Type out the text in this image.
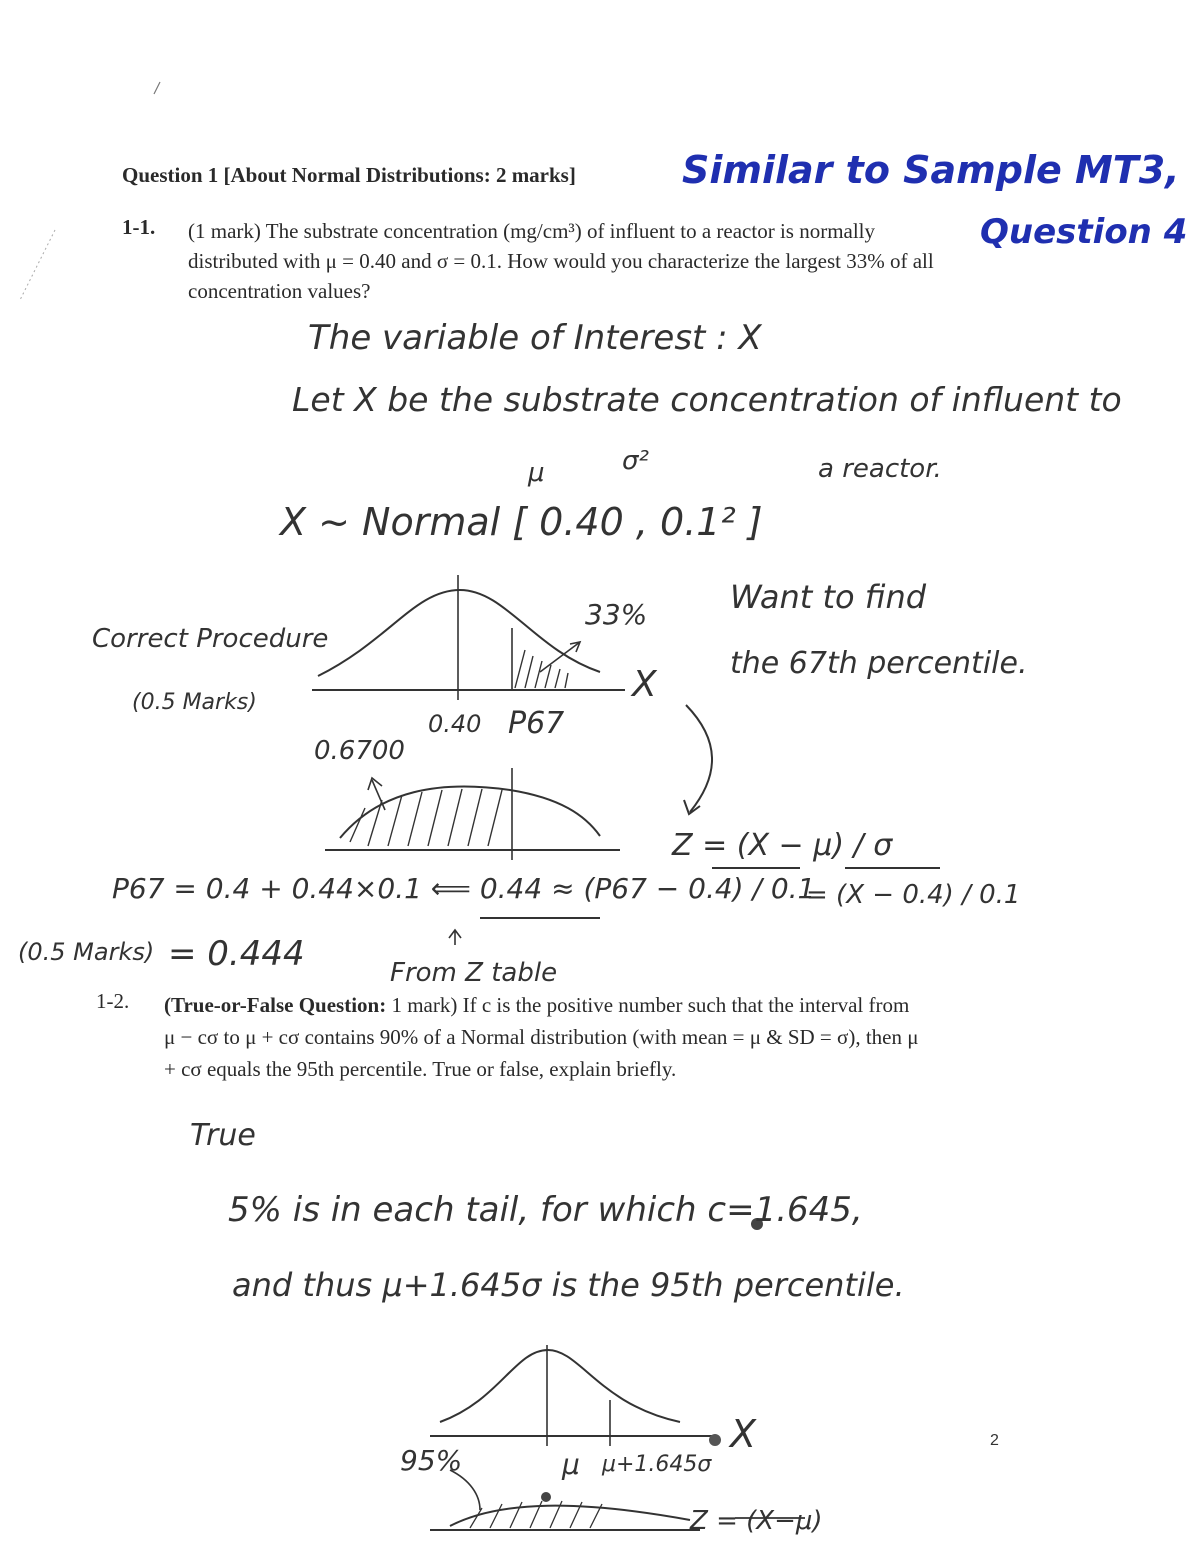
Question 1 [About Normal Distributions: 2 marks]	Similar to Sample MT3,
Question 4
1-1. (1 mark) The substrate concentration (mg/cm³) of influent to a reactor is normally
distributed with μ = 0.40 and σ = 0.1. How would you characterize the largest 33% of all
concentration values?
The variable of Interest : X
Let X be the substrate concentration of influent to
a reactor.
μ	σ²
X ~ Normal [ 0.40 , 0.1² ]
33%
X
Want to find
the 67th percentile.
Correct Procedure
(0.5 Marks)
0.40 P67
0.6700
Z = (X − μ) / σ
= (X − 0.4) / 0.1
P67 = 0.4 + 0.44×0.1 ⟸ 0.44 ≈ (P67 − 0.4) / 0.1
(0.5 Marks) = 0.444	From Z table
1-2. (True-or-False Question: 1 mark) If c is the positive number such that the interval from
μ − cσ to μ + cσ contains 90% of a Normal distribution (with mean = μ & SD = σ), then μ
+ cσ equals the 95th percentile. True or false, explain briefly.
True
5% is in each tail, for which c=1.645,
and thus μ+1.645σ is the 95th percentile.
X
95%	μ μ+1.645σ
Z = (X−μ)
2
